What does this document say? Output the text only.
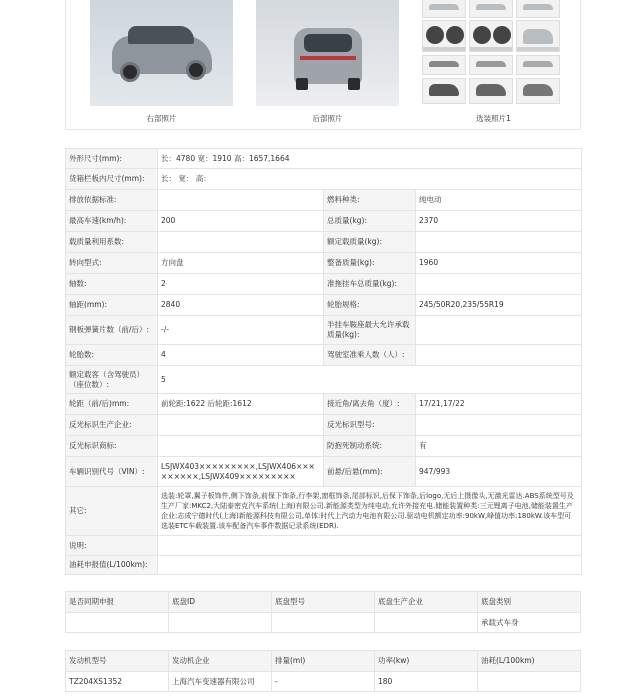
右部照片	后部照片	选装照片1
外形尺寸(mm):	长：4780 宽：1910 高：1657,1664		
货箱栏板内尺寸(mm):	长： 宽： 高：		
排放依据标准:		燃料种类:	纯电动
最高车速(km/h):	200	总质量(kg):	2370
载质量利用系数:		额定载质量(kg):	
转向型式:	方向盘	整备质量(kg):	1960
轴数:	2	准拖挂车总质量(kg):	
轴距(mm):	2840	轮胎规格:	245/50R20,235/55R19
钢板弹簧片数（前/后）:	-/-	半挂车鞍座最大允许承载质量(kg):	
轮胎数:	4	驾驶室准乘人数（人）:	
额定载客（含驾驶员）（座位数）:	5		
轮距（前/后)mm:	前轮距:1622 后轮距:1612	接近角/离去角（度）:	17/21,17/22
反光标识生产企业:		反光标识型号:	
反光标识商标:		防抱死制动系统:	有
车辆识别代号（VIN）:	LSJWX403×××××××××,LSJWX406×××××××××,LSJWX409×××××××××	前悬/后悬(mm):	947/993
其它:	选装:轮罩,翼子板饰件,侧下饰条,前保下饰条,行李架,窗框饰条,尾部标识,后保下饰条,后logo,无后上摄像头,无激光雷达.ABS系统型号及生产厂家:MKC2,大陆泰密克汽车系统(上海)有限公司.新能源类型为纯电动,允许外接充电.储能装置种类:三元锂离子电池,储能装置生产企业:志成宁德时代(上海)新能源科技有限公司,单体:时代上汽动力电池有限公司.驱动电机额定功率:90kW,峰值功率:180kW.该车型可选装ETC车载装置.该车配备汽车事件数据记录系统(EDR).		
说明:			
油耗申报值(L/100km):			
是否同期申报	底盘ID	底盘型号	底盘生产企业	底盘类别
				承载式车身
发动机型号	发动机企业	排量(ml)	功率(kw)	油耗(L/100km)
TZ204XS1352	上海汽车变速器有限公司	-	180	
